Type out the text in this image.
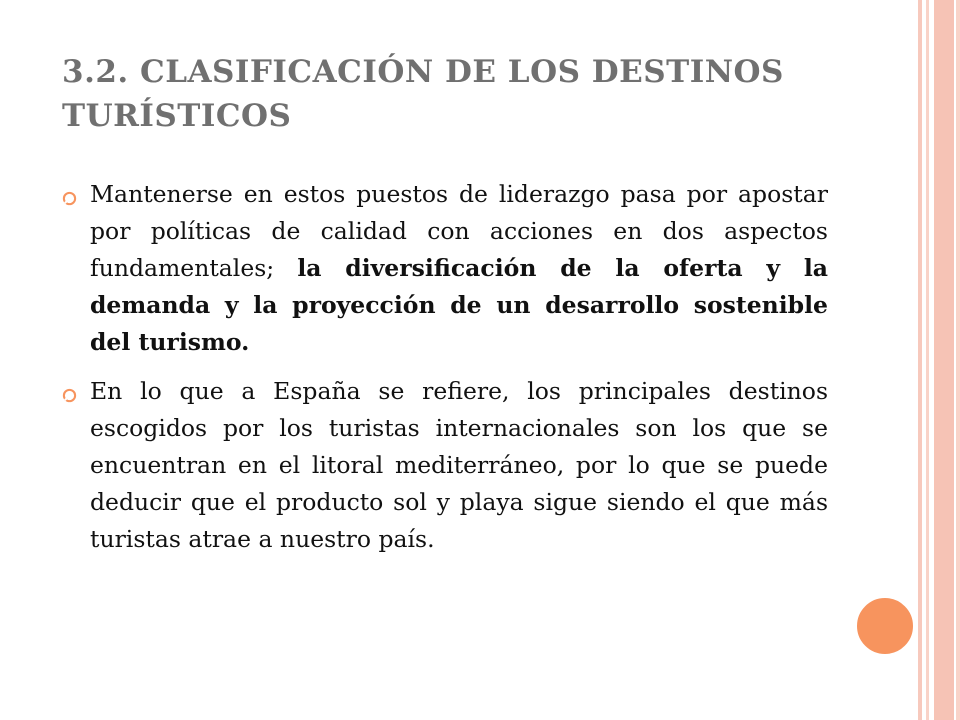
3.2. CLASIFICACIÓN DE LOS DESTINOS TURÍSTICOS
Mantenerse en estos puestos de liderazgo pasa por apostar por políticas de calidad con acciones en dos aspectos fundamentales; la diversificación de la oferta y la demanda y la proyección de un desarrollo sostenible del turismo.
En lo que a España se refiere, los principales destinos escogidos por los turistas internacionales son los que se encuentran en el litoral mediterráneo, por lo que se puede deducir que el producto sol y playa sigue siendo el que más turistas atrae a nuestro país.
